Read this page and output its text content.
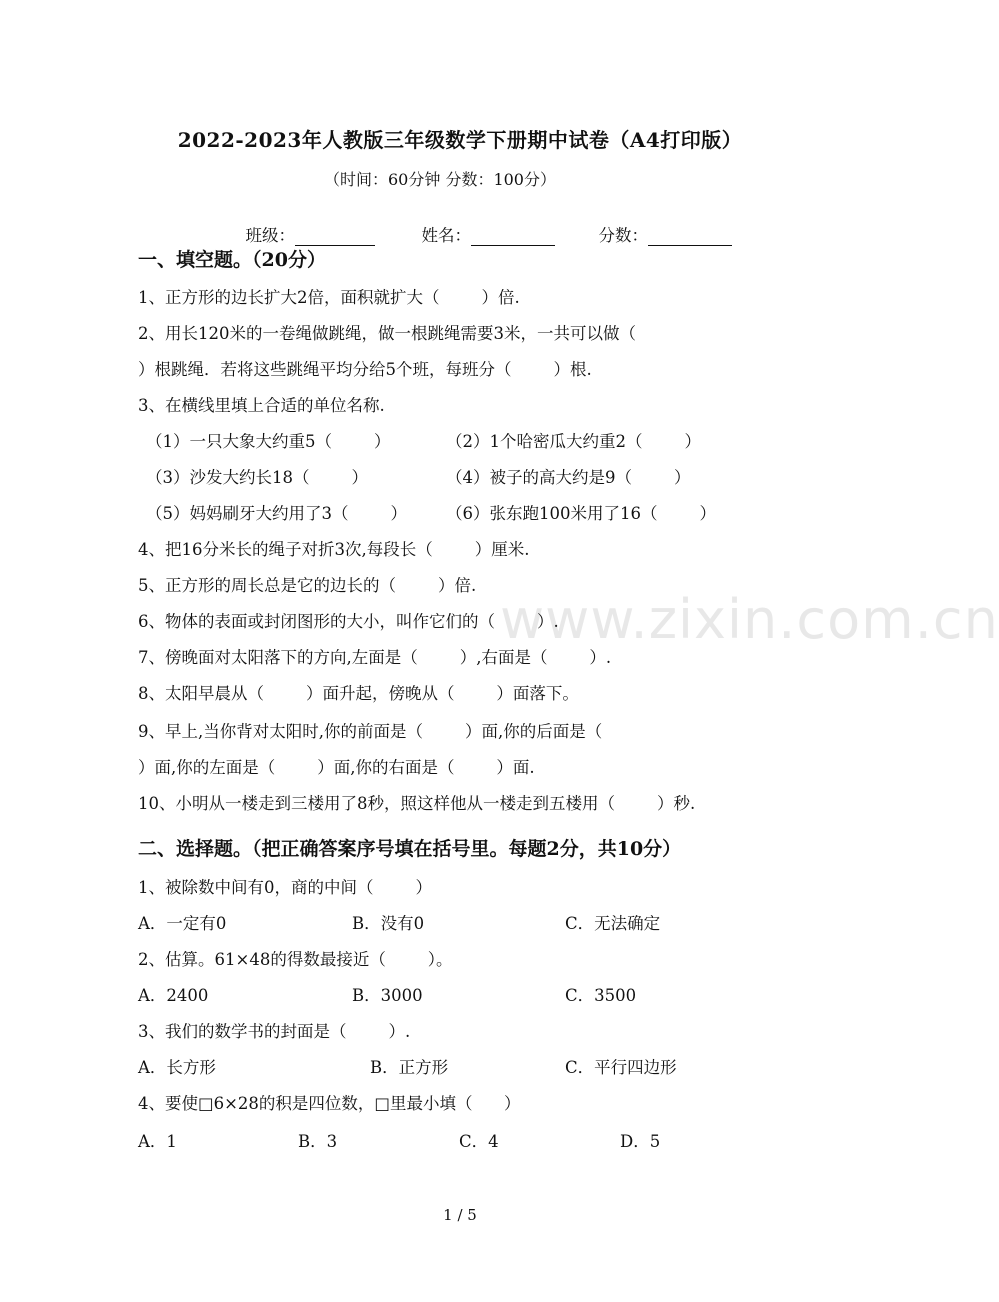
www.zixin.com.cn
2022-2023年人教版三年级数学下册期中试卷（A4打印版）
（时间：60分钟 分数：100分）

班级：
	姓名：
	分数：

一、填空题。（20分）
1、正方形的边长扩大2倍，面积就扩大（        ）倍.
2、用长120米的一卷绳做跳绳，做一根跳绳需要3米，一共可以做（
）根跳绳．若将这些跳绳平均分给5个班，每班分（        ）根.
3、在横线里填上合适的单位名称.
（1）一只大象大约重5（        ）	（2）1个哈密瓜大约重2（        ）
（3）沙发大约长18（        ）	（4）被子的高大约是9（        ）
（5）妈妈刷牙大约用了3（        ） （6）张东跑100米用了16（        ）
4、把16分米长的绳子对折3次,每段长（        ）厘米.
5、正方形的周长总是它的边长的（        ）倍.
6、物体的表面或封闭图形的大小，叫作它们的（        ）.
7、傍晚面对太阳落下的方向,左面是（        ）,右面是（        ）.
8、太阳早晨从（        ）面升起，傍晚从（        ）面落下。
9、早上,当你背对太阳时,你的前面是（        ）面,你的后面是（
）面,你的左面是（        ）面,你的右面是（        ）面.
10、小明从一楼走到三楼用了8秒，照这样他从一楼走到五楼用（        ）秒.
二、选择题。（把正确答案序号填在括号里。每题2分，共10分）
1、被除数中间有0，商的中间（        ）
A．一定有0	B．没有0	C．无法确定
2、估算。61×48的得数最接近（        ）。
A．2400	B．3000	C．3500
3、我们的数学书的封面是（        ）.
A．长方形	B．正方形	C．平行四边形
4、要使□6×28的积是四位数，□里最小填（      ）
A．1	B．3	C．4	D．5
1 / 5
